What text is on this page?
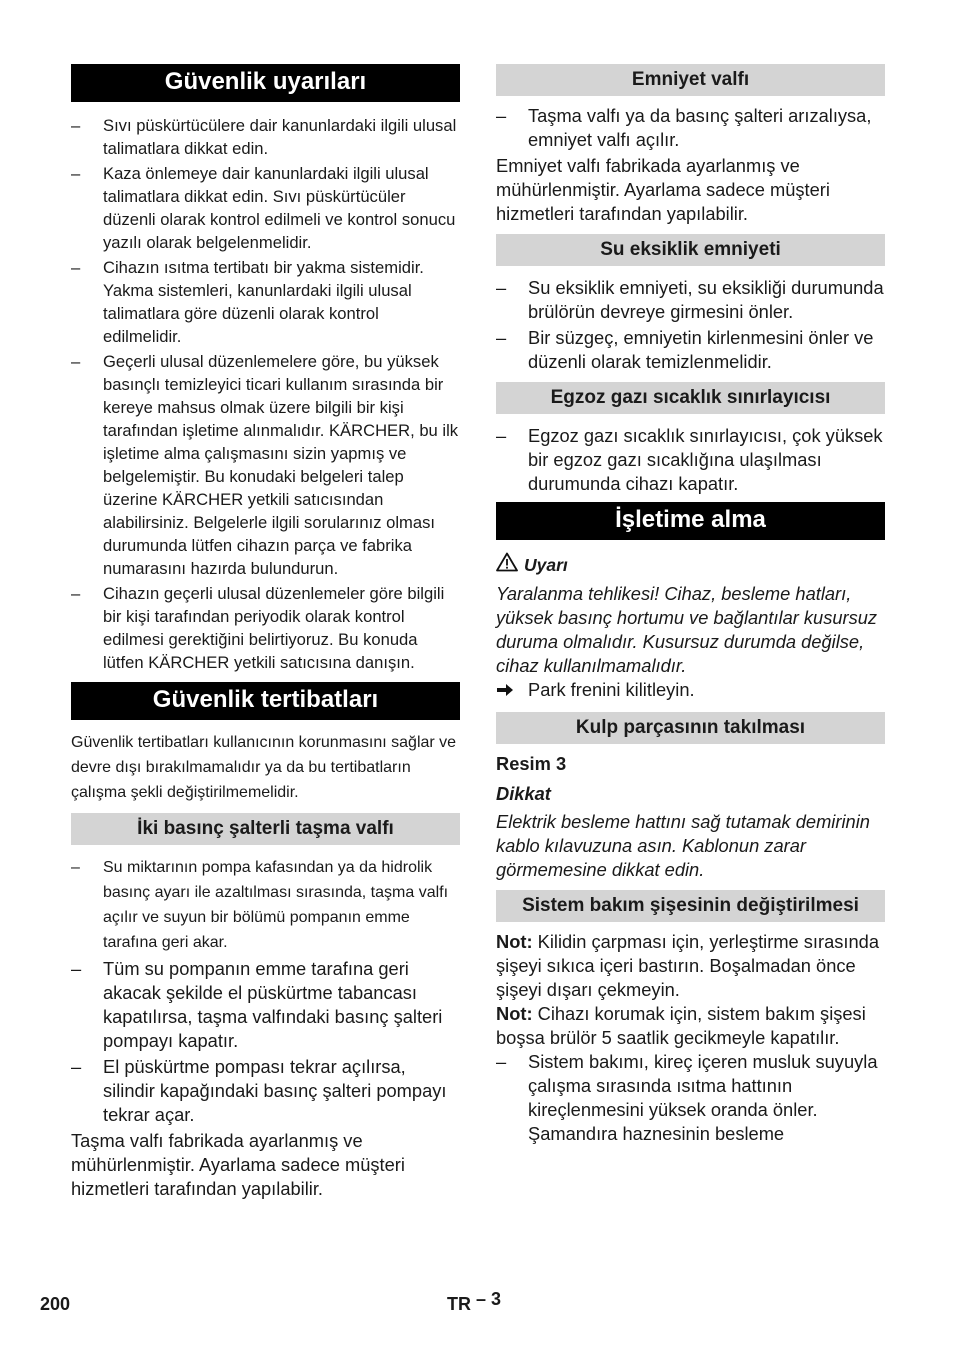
Güvenlik uyarıları
– Sıvı püskürtücülere dair kanunlardaki ilgili ulusal talimatlara dikkat edin.
– Kaza önlemeye dair kanunlardaki ilgili ulusal talimatlara dikkat edin. Sıvı püskürtücüler düzenli olarak kontrol edilmeli ve kontrol sonucu yazılı olarak belgelenmelidir.
– Cihazın ısıtma tertibatı bir yakma sistemidir. Yakma sistemleri, kanunlardaki ilgili ulusal talimatlara göre düzenli olarak kontrol edilmelidir.
– Geçerli ulusal düzenlemelere göre, bu yüksek basınçlı temizleyici ticari kullanım sırasında bir kereye mahsus olmak üzere bilgili bir kişi tarafından işletime alınmalıdır. KÄRCHER, bu ilk işletime alma çalışmasını sizin yapmış ve belgelemiştir. Bu konudaki belgeleri talep üzerine KÄRCHER yetkili satıcısından alabilirsiniz. Belgelerle ilgili sorularınız olması durumunda lütfen cihazın parça ve fabrika numarasını hazırda bulundurun.
– Cihazın geçerli ulusal düzenlemeler göre bilgili bir kişi tarafından periyodik olarak kontrol edilmesi gerektiğini belirtiyoruz. Bu konuda lütfen KÄRCHER yetkili satıcısına danışın.
Güvenlik tertibatları

Güvenlik tertibatları kullanıcının korunmasını sağlar ve devre dışı bırakılmamalıdır ya da bu tertibatların çalışma şekli değiştirilmemelidir.

İki basınç şalterli taşma valfı
– Su miktarının pompa kafasından ya da hidrolik basınç ayarı ile azaltılması sırasında, taşma valfı açılır ve suyun bir bölümü pompanın emme tarafına geri akar.
– Tüm su pompanın emme tarafına geri akacak şekilde el püskürtme tabancası kapatılırsa, taşma valfındaki basınç şalteri pompayı kapatır.
– El püskürtme pompası tekrar açılırsa, silindir kapağındaki basınç şalteri pompayı tekrar açar.

Taşma valfı fabrikada ayarlanmış ve mühürlenmiştir. Ayarlama sadece müşteri hizmetleri tarafından yapılabilir.

Emniyet valfı
– Taşma valfı ya da basınç şalteri arızalıysa, emniyet valfı açılır.

Emniyet valfı fabrikada ayarlanmış ve mühürlenmiştir. Ayarlama sadece müşteri hizmetleri tarafından yapılabilir.

Su eksiklik emniyeti
– Su eksiklik emniyeti, su eksikliği durumunda brülörün devreye girmesini önler.
– Bir süzgeç, emniyetin kirlenmesini önler ve düzenli olarak temizlenmelidir.
Egzoz gazı sıcaklık sınırlayıcısı
– Egzoz gazı sıcaklık sınırlayıcısı, çok yüksek bir egzoz gazı sıcaklığına ulaşılması durumunda cihazı kapatır.
İşletime alma
Uyarı

Yaralanma tehlikesi! Cihaz, besleme hatları, yüksek basınç hortumu ve bağlantılar kusursuz duruma olmalıdır. Kusursuz durumda değilse, cihaz kullanılmamalıdır.

Park frenini kilitleyin.
Kulp parçasının takılması

Resim 3

Dikkat

Elektrik besleme hattını sağ tutamak demirinin kablo kılavuzuna asın. Kablonun zarar görmemesine dikkat edin.

Sistem bakım şişesinin değiştirilmesi

Not: Kilidin çarpması için, yerleştirme sırasında şişeyi sıkıca içeri bastırın. Boşalmadan önce şişeyi dışarı çekmeyin.

Not: Cihazı korumak için, sistem bakım şişesi boşsa brülör 5 saatlik gecikmeyle kapatılır.

– Sistem bakımı, kireç içeren musluk suyuyla çalışma sırasında ısıtma hattının kireçlenmesini yüksek oranda önler. Şamandıra haznesinin besleme
200	TR – 3
